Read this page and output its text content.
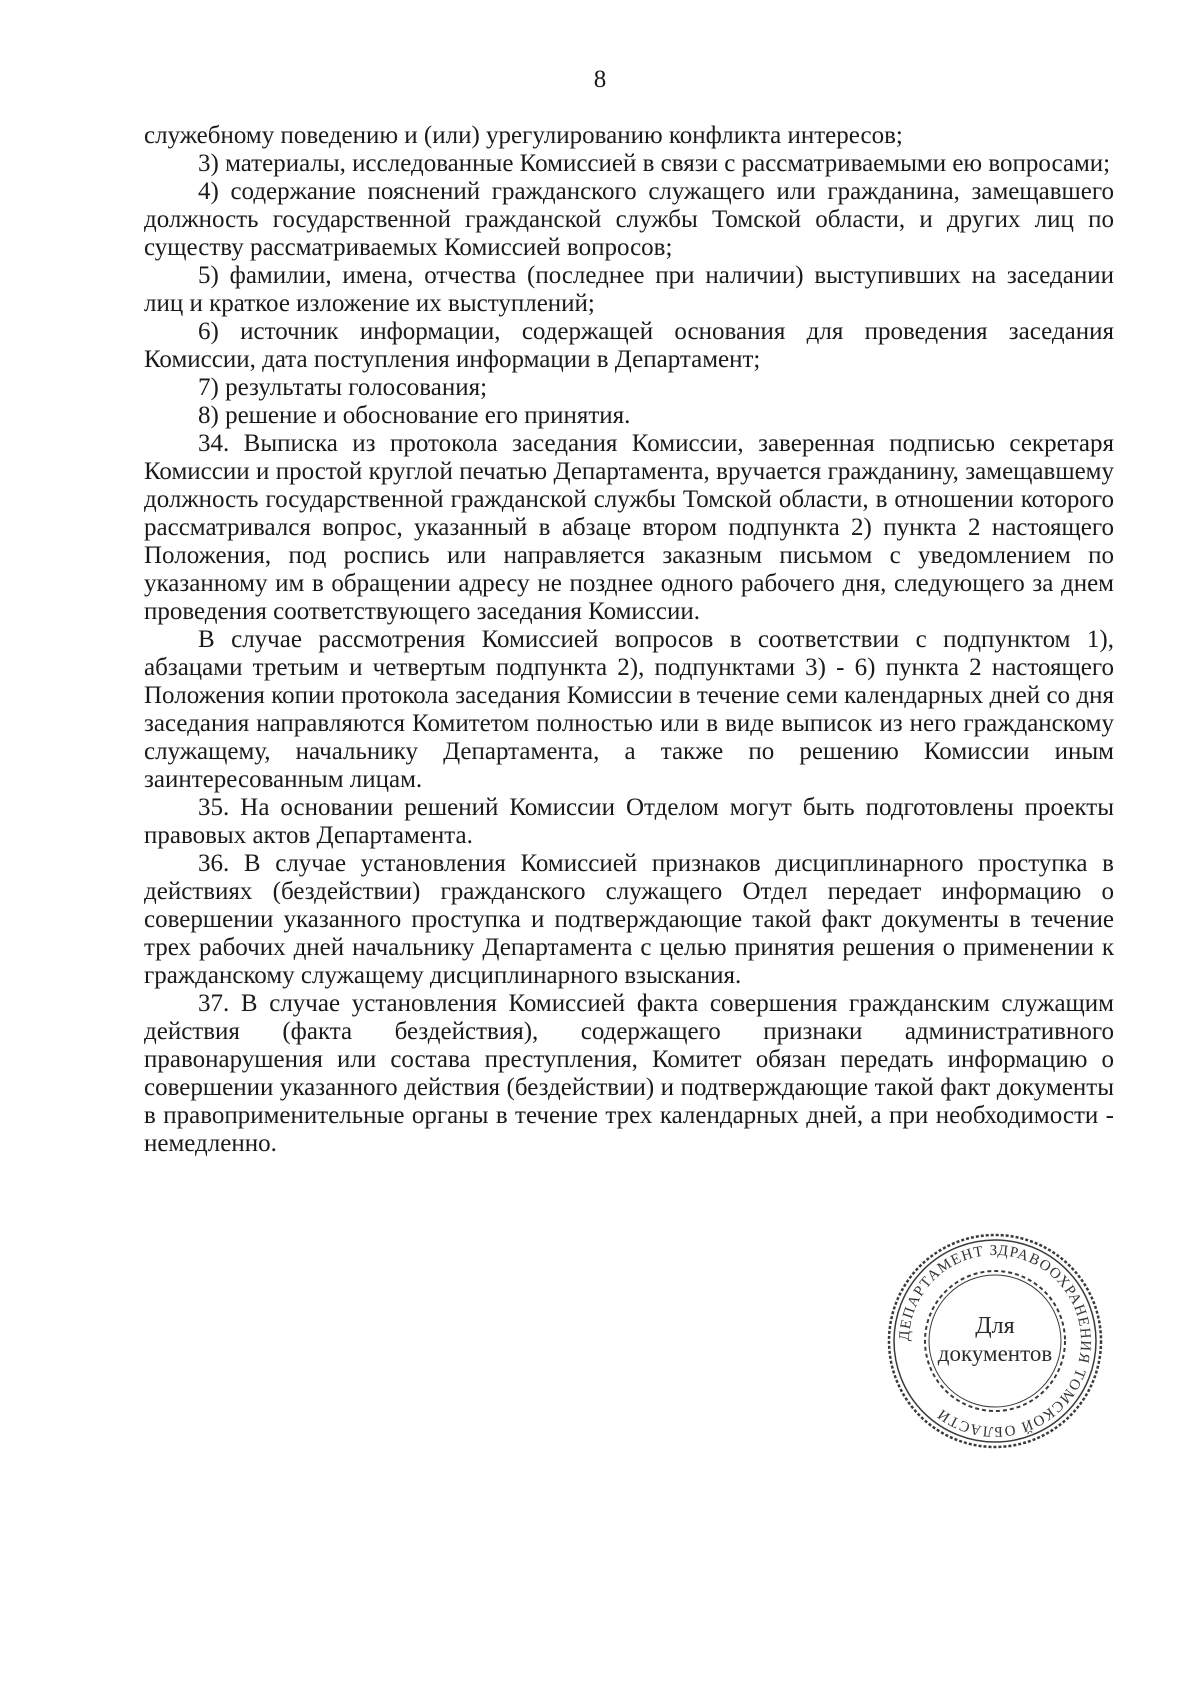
8

служебному поведению и (или) урегулированию конфликта интересов;

3) материалы, исследованные Комиссией в связи с рассматриваемыми ею вопросами;

4) содержание пояснений гражданского служащего или гражданина, замещавшего должность государственной гражданской службы Томской области, и других лиц по существу рассматриваемых Комиссией вопросов;

5) фамилии, имена, отчества (последнее при наличии) выступивших на заседании лиц и краткое изложение их выступлений;

6) источник информации, содержащей основания для проведения заседания Комиссии, дата поступления информации в Департамент;

7) результаты голосования;

8) решение и обоснование его принятия.

34. Выписка из протокола заседания Комиссии, заверенная подписью секретаря Комиссии и простой круглой печатью Департамента, вручается гражданину, замещавшему должность государственной гражданской службы Томской области, в отношении которого рассматривался вопрос, указанный в абзаце втором подпункта 2) пункта 2 настоящего Положения, под роспись или направляется заказным письмом с уведомлением по указанному им в обращении адресу не позднее одного рабочего дня, следующего за днем проведения соответствующего заседания Комиссии.

В случае рассмотрения Комиссией вопросов в соответствии с подпунктом 1), абзацами третьим и четвертым подпункта 2), подпунктами 3) - 6) пункта 2 настоящего Положения копии протокола заседания Комиссии в течение семи календарных дней со дня заседания направляются Комитетом полностью или в виде выписок из него гражданскому служащему, начальнику Департамента, а также по решению Комиссии иным заинтересованным лицам.

35. На основании решений Комиссии Отделом могут быть подготовлены проекты правовых актов Департамента.

36. В случае установления Комиссией признаков дисциплинарного проступка в действиях (бездействии) гражданского служащего Отдел передает информацию о совершении указанного проступка и подтверждающие такой факт документы в течение трех рабочих дней начальнику Департамента с целью принятия решения о применении к гражданскому служащему дисциплинарного взыскания.

37. В случае установления Комиссией факта совершения гражданским служащим действия (факта бездействия), содержащего признаки административного правонарушения или состава преступления, Комитет обязан передать информацию о совершении указанного действия (бездействии) и подтверждающие такой факт документы в правоприменительные органы в течение трех календарных дней, а при необходимости - немедленно.

ДЕПАРТАМЕНТ ЗДРАВООХРАНЕНИЯ ТОМСКОЙ ОБЛАСТИ
Для
документов
